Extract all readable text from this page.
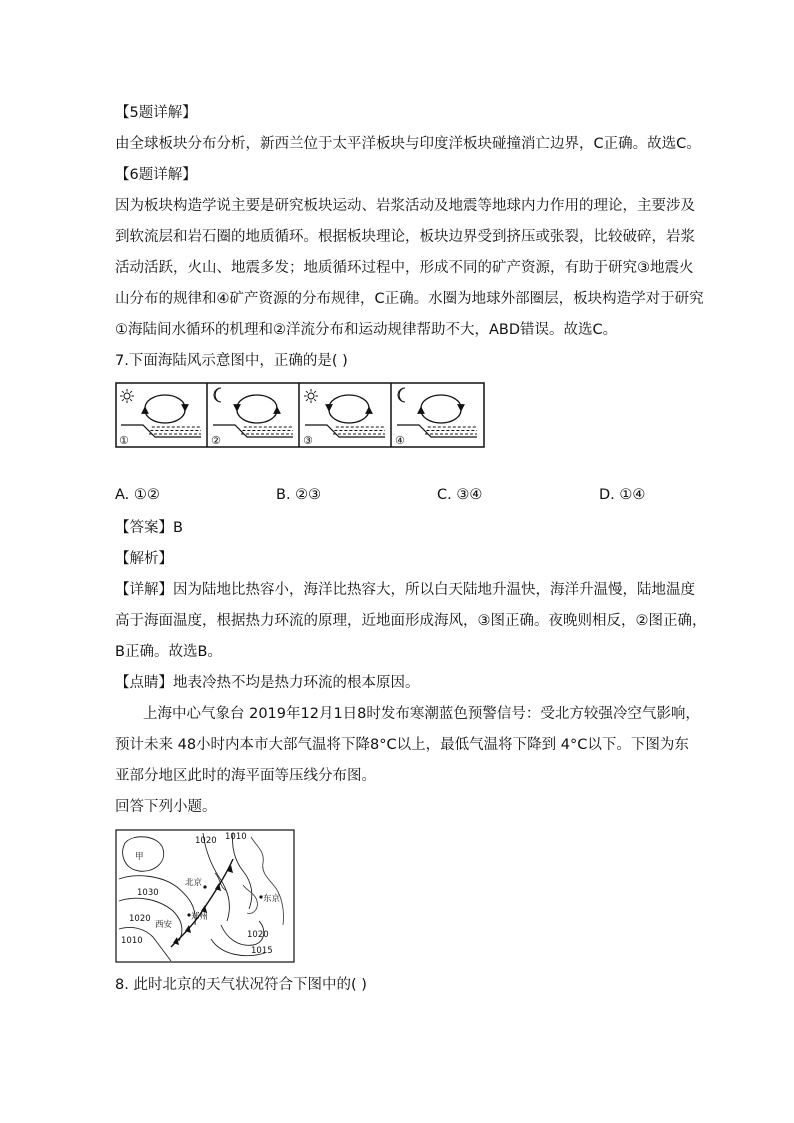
【5题详解】
由全球板块分布分析，新西兰位于太平洋板块与印度洋板块碰撞消亡边界，C正确。故选C。
【6题详解】
因为板块构造学说主要是研究板块运动、岩浆活动及地震等地球内力作用的理论，主要涉及
到软流层和岩石圈的地质循环。根据板块理论，板块边界受到挤压或张裂，比较破碎，岩浆
活动活跃，火山、地震多发；地质循环过程中，形成不同的矿产资源，有助于研究③地震火
山分布的规律和④矿产资源的分布规律，C正确。水圈为地球外部圈层，板块构造学对于研究
①海陆间水循环的机理和②洋流分布和运动规律帮助不大，ABD错误。故选C。
7.下面海陆风示意图中，正确的是( )
①	②	③	④
A. ①②	B. ②③	C. ③④	D. ①④
【答案】B
【解析】
【详解】因为陆地比热容小，海洋比热容大，所以白天陆地升温快，海洋升温慢，陆地温度
高于海面温度，根据热力环流的原理，近地面形成海风，③图正确。夜晚则相反，②图正确，
B正确。故选B。
【点睛】地表冷热不均是热力环流的根本原因。
上海中心气象台 2019年12月1日8时发布寒潮蓝色预警信号：受北方较强冷空气影响，
预计未来 48小时内本市大部气温将下降8°C以上，最低气温将下降到 4°C以下。下图为东
亚部分地区此时的海平面等压线分布图。
回答下列小题。
1020 1010
甲
1030
北京
东京
1020	郑州
西安
1010
1020
1015
8. 此时北京的天气状况符合下图中的( )
